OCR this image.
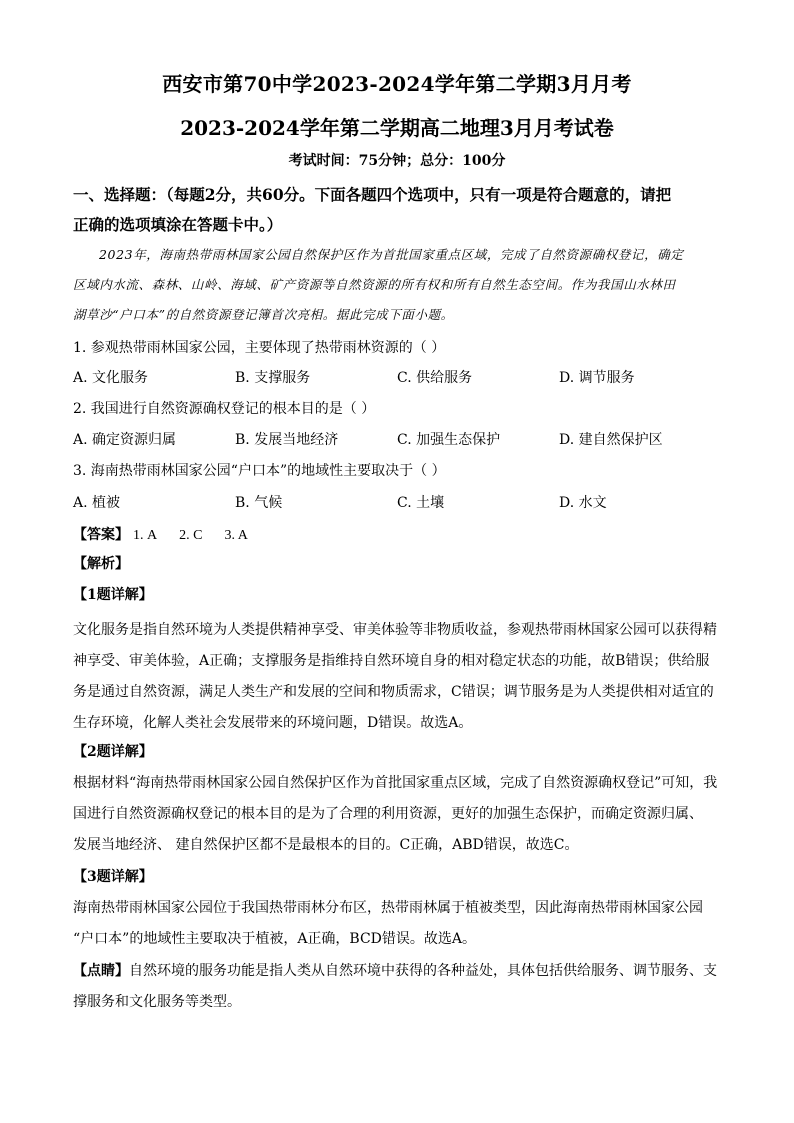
西安市第70中学2023-2024学年第二学期3月月考
2023-2024学年第二学期高二地理3月月考试卷
考试时间：75分钟；总分：100分
一、选择题：（每题2分，共60分。下面各题四个选项中，只有一项是符合题意的，请把
正确的选项填涂在答题卡中。）
2023年，海南热带雨林国家公园自然保护区作为首批国家重点区域，完成了自然资源确权登记，确定
区域内水流、森林、山岭、海域、矿产资源等自然资源的所有权和所有自然生态空间。作为我国山水林田
湖草沙“户口本”的自然资源登记簿首次亮相。据此完成下面小题。
1. 参观热带雨林国家公园，主要体现了热带雨林资源的（ ）
A. 文化服务	B. 支撑服务	C. 供给服务	D. 调节服务
2. 我国进行自然资源确权登记的根本目的是（ ）
A. 确定资源归属	B. 发展当地经济	C. 加强生态保护	D. 建自然保护区
3. 海南热带雨林国家公园“户口本”的地域性主要取决于（ ）
A. 植被	B. 气候	C. 土壤	D. 水文
【答案】 1. A 2. C 3. A
【解析】
【1题详解】
文化服务是指自然环境为人类提供精神享受、审美体验等非物质收益，参观热带雨林国家公园可以获得精
神享受、审美体验，A正确；支撑服务是指维持自然环境自身的相对稳定状态的功能，故B错误；供给服
务是通过自然资源，满足人类生产和发展的空间和物质需求，C错误；调节服务是为人类提供相对适宜的
生存环境，化解人类社会发展带来的环境问题，D错误。故选A。
【2题详解】
根据材料“海南热带雨林国家公园自然保护区作为首批国家重点区域，完成了自然资源确权登记”可知，我
国进行自然资源确权登记的根本目的是为了合理的利用资源，更好的加强生态保护，而确定资源归属、
发展当地经济、 建自然保护区都不是最根本的目的。C正确，ABD错误，故选C。
【3题详解】
海南热带雨林国家公园位于我国热带雨林分布区，热带雨林属于植被类型，因此海南热带雨林国家公园
“户口本”的地域性主要取决于植被，A正确，BCD错误。故选A。
【点睛】自然环境的服务功能是指人类从自然环境中获得的各种益处，具体包括供给服务、调节服务、支
撑服务和文化服务等类型。
